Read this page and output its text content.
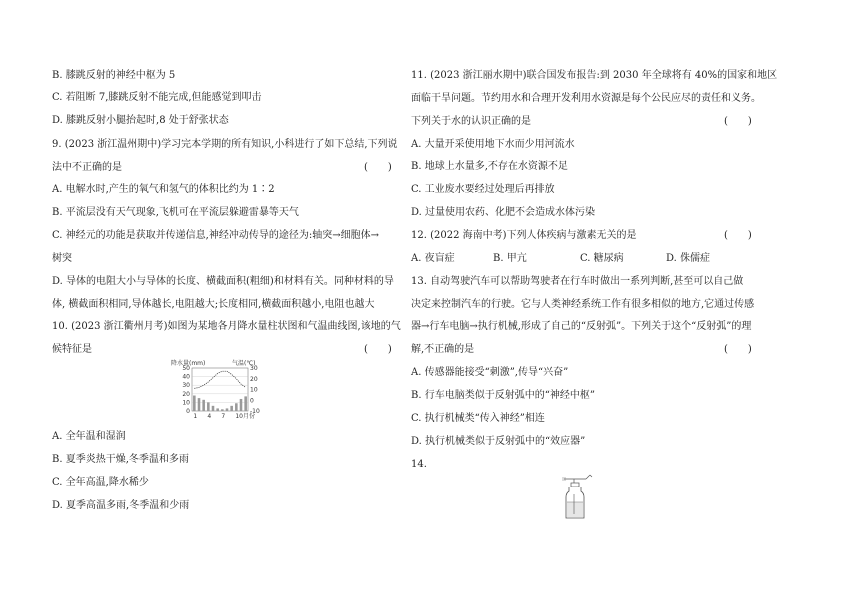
B. 膝跳反射的神经中枢为 5
C. 若阻断 7,膝跳反射不能完成,但能感觉到叩击
D. 膝跳反射小腿抬起时,8 处于舒张状态
9. (2023 浙江温州期中)学习完本学期的所有知识,小科进行了如下总结,下列说
法中不正确的是	(　　)
A. 电解水时,产生的氧气和氢气的体积比约为 1∶2
B. 平流层没有天气现象,飞机可在平流层躲避雷暴等天气
C. 神经元的功能是获取并传递信息,神经冲动传导的途径为:轴突→细胞体→
树突
D. 导体的电阻大小与导体的长度、横截面积(粗细)和材料有关。同种材料的导
体, 横截面积相同,导体越长,电阻越大;长度相同,横截面积越小,电阻也越大
10. (2023 浙江衢州月考)如图为某地各月降水量柱状图和气温曲线图,该地的气
候特征是	(　　)
降水量(mm)	气温(℃)
50
40
30
20
10
0
30
20
10
0
-10
1 4 7 10月份
A. 全年温和湿润
B. 夏季炎热干燥,冬季温和多雨
C. 全年高温,降水稀少
D. 夏季高温多雨,冬季温和少雨
11. (2023 浙江丽水期中)联合国发布报告:到 2030 年全球将有 40%的国家和地区
面临干旱问题。节约用水和合理开发利用水资源是每个公民应尽的责任和义务。
下列关于水的认识正确的是	(　　)
A. 大量开采使用地下水而少用河流水
B. 地球上水量多,不存在水资源不足
C. 工业废水要经过处理后再排放
D. 过量使用农药、化肥不会造成水体污染
12. (2022 海南中考)下列人体疾病与激素无关的是	(　　)
A. 夜盲症	B. 甲亢	C. 糖尿病	D. 侏儒症
13. 自动驾驶汽车可以帮助驾驶者在行车时做出一系列判断,甚至可以自己做
决定来控制汽车的行驶。它与人类神经系统工作有很多相似的地方,它通过传感
器→行车电脑→执行机械,形成了自己的“反射弧”。下列关于这个“反射弧”的理
解,不正确的是	(　　)
A. 传感器能接受“刺激”,传导“兴奋”
B. 行车电脑类似于反射弧中的“神经中枢”
C. 执行机械类“传入神经”相连
D. 执行机械类似于反射弧中的“效应器”
14.
